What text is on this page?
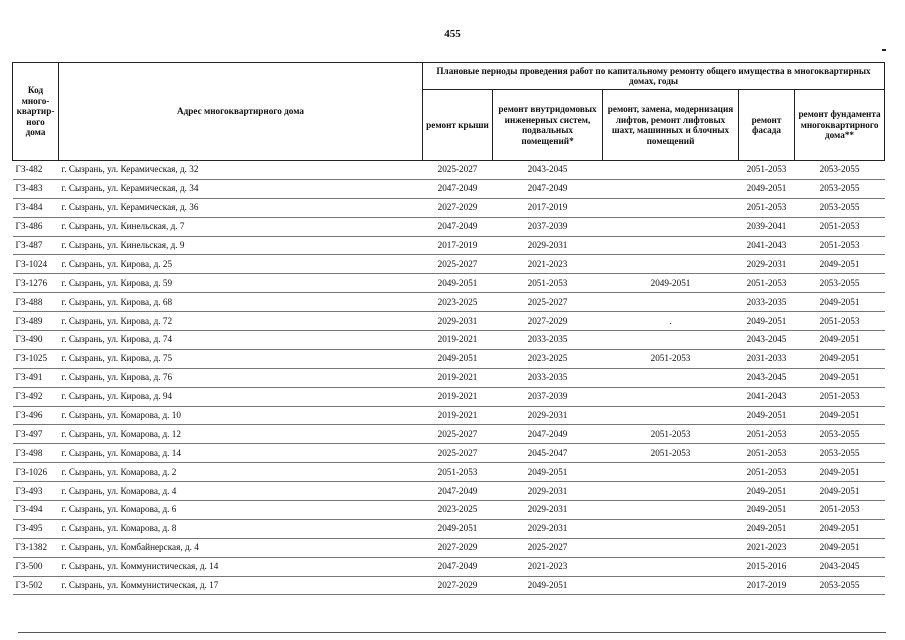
455
Код
много-
квартир-
ного
дома	Адрес многоквартирного дома	Плановые периоды проведения работ по капитальному ремонту общего имущества в многоквартирных домах, годы				
		ремонт крыши	ремонт внутридомовых инженерных систем, подвальных помещений*	ремонт, замена, модернизация лифтов, ремонт лифтовых шахт, машинных и блочных помещений	ремонт фасада	ремонт фундамента многоквартирного дома**
ГЗ-482	г. Сызрань, ул. Керамическая, д. 32	2025-2027	2043-2045		2051-2053	2053-2055
ГЗ-483	г. Сызрань, ул. Керамическая, д. 34	2047-2049	2047-2049		2049-2051	2053-2055
ГЗ-484	г. Сызрань, ул. Керамическая, д. 36	2027-2029	2017-2019		2051-2053	2053-2055
ГЗ-486	г. Сызрань, ул. Кинельская, д. 7	2047-2049	2037-2039		2039-2041	2051-2053
ГЗ-487	г. Сызрань, ул. Кинельская, д. 9	2017-2019	2029-2031		2041-2043	2051-2053
ГЗ-1024	г. Сызрань, ул. Кирова, д. 25	2025-2027	2021-2023		2029-2031	2049-2051
ГЗ-1276	г. Сызрань, ул. Кирова, д. 59	2049-2051	2051-2053	2049-2051	2051-2053	2053-2055
ГЗ-488	г. Сызрань, ул. Кирова, д. 68	2023-2025	2025-2027		2033-2035	2049-2051
ГЗ-489	г. Сызрань, ул. Кирова, д. 72	2029-2031	2027-2029	.	2049-2051	2051-2053
ГЗ-490	г. Сызрань, ул. Кирова, д. 74	2019-2021	2033-2035		2043-2045	2049-2051
ГЗ-1025	г. Сызрань, ул. Кирова, д. 75	2049-2051	2023-2025	2051-2053	2031-2033	2049-2051
ГЗ-491	г. Сызрань, ул. Кирова, д. 76	2019-2021	2033-2035		2043-2045	2049-2051
ГЗ-492	г. Сызрань, ул. Кирова, д. 94	2019-2021	2037-2039		2041-2043	2051-2053
ГЗ-496	г. Сызрань, ул. Комарова, д. 10	2019-2021	2029-2031		2049-2051	2049-2051
ГЗ-497	г. Сызрань, ул. Комарова, д. 12	2025-2027	2047-2049	2051-2053	2051-2053	2053-2055
ГЗ-498	г. Сызрань, ул. Комарова, д. 14	2025-2027	2045-2047	2051-2053	2051-2053	2053-2055
ГЗ-1026	г. Сызрань, ул. Комарова, д. 2	2051-2053	2049-2051		2051-2053	2049-2051
ГЗ-493	г. Сызрань, ул. Комарова, д. 4	2047-2049	2029-2031		2049-2051	2049-2051
ГЗ-494	г. Сызрань, ул. Комарова, д. 6	2023-2025	2029-2031		2049-2051	2051-2053
ГЗ-495	г. Сызрань, ул. Комарова, д. 8	2049-2051	2029-2031		2049-2051	2049-2051
ГЗ-1382	г. Сызрань, ул. Комбайнерская, д. 4	2027-2029	2025-2027		2021-2023	2049-2051
ГЗ-500	г. Сызрань, ул. Коммунистическая, д. 14	2047-2049	2021-2023		2015-2016	2043-2045
ГЗ-502	г. Сызрань, ул. Коммунистическая, д. 17	2027-2029	2049-2051		2017-2019	2053-2055
